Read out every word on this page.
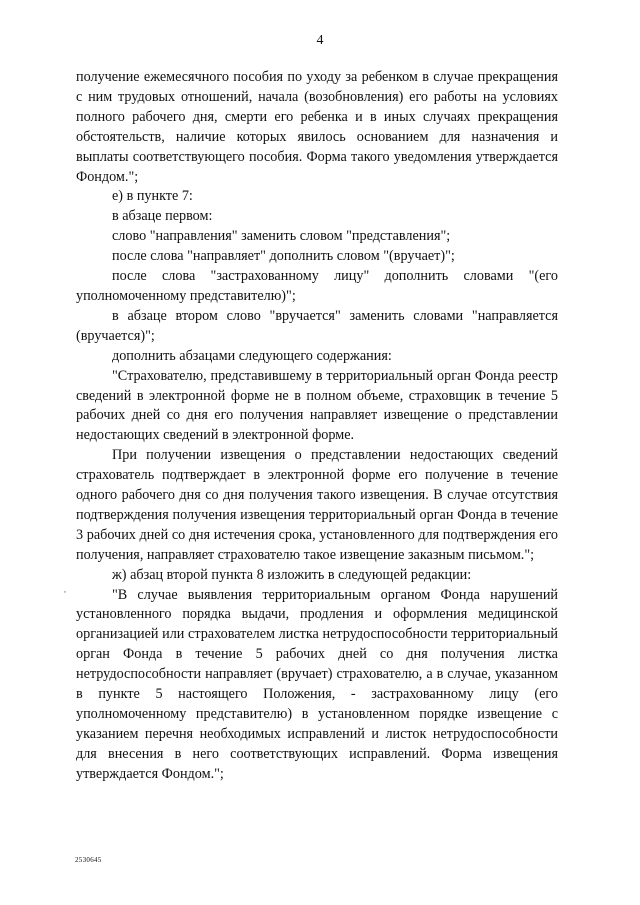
4

получение ежемесячного пособия по уходу за ребенком в случае прекращения с ним трудовых отношений, начала (возобновления) его работы на условиях полного рабочего дня, смерти его ребенка и в иных случаях прекращения обстоятельств, наличие которых явилось основанием для назначения и выплаты соответствующего пособия. Форма такого уведомления утверждается Фондом.";

е) в пункте 7:

в абзаце первом:

слово "направления" заменить словом "представления";

после слова "направляет" дополнить словом "(вручает)";

после слова "застрахованному лицу" дополнить словами "(его уполномоченному представителю)";

в абзаце втором слово "вручается" заменить словами "направляется (вручается)";

дополнить абзацами следующего содержания:

"Страхователю, представившему в территориальный орган Фонда реестр сведений в электронной форме не в полном объеме, страховщик в течение 5 рабочих дней со дня его получения направляет извещение о представлении недостающих сведений в электронной форме.

При получении извещения о представлении недостающих сведений страхователь подтверждает в электронной форме его получение в течение одного рабочего дня со дня получения такого извещения. В случае отсутствия подтверждения получения извещения территориальный орган Фонда в течение 3 рабочих дней со дня истечения срока, установленного для подтверждения его получения, направляет страхователю такое извещение заказным письмом.";

ж) абзац второй пункта 8 изложить в следующей редакции:

"В случае выявления территориальным органом Фонда нарушений установленного порядка выдачи, продления и оформления медицинской организацией или страхователем листка нетрудоспособности территориальный орган Фонда в течение 5 рабочих дней со дня получения листка нетрудоспособности направляет (вручает) страхователю, а в случае, указанном в пункте 5 настоящего Положения, - застрахованному лицу (его уполномоченному представителю) в установленном порядке извещение с указанием перечня необходимых исправлений и листок нетрудоспособности для внесения в него соответствующих исправлений. Форма извещения утверждается Фондом.";

,
2530645
